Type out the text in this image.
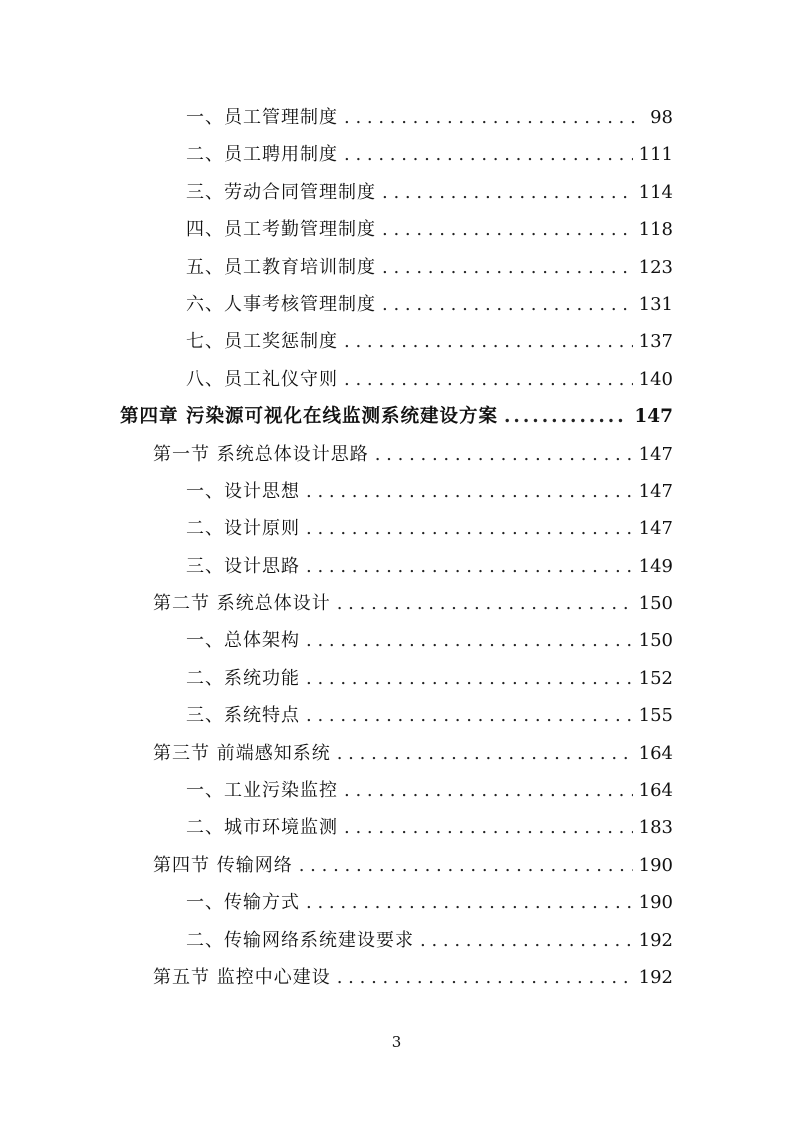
一、员工管理制度 . . .	98
二、员工聘用制度 . . .	111
三、劳动合同管理制度 . . .	114
四、员工考勤管理制度 . . .	118
五、员工教育培训制度 . . .	123
六、人事考核管理制度 . . .	131
七、员工奖惩制度 . . .	137
八、员工礼仪守则 . . .	140
第四章 污染源可视化在线监测系统建设方案 .....	147
第一节 系统总体设计思路 . . .	147
一、设计思想 . . .	147
二、设计原则 . . .	147
三、设计思路 . . .	149
第二节 系统总体设计 . . .	150
一、总体架构 . . .	150
二、系统功能 . . .	152
三、系统特点 . . .	155
第三节 前端感知系统 . . .	164
一、工业污染监控 . . .	164
二、城市环境监测 . . .	183
第四节 传输网络 . . .	190
一、传输方式 . . .	190
二、传输网络系统建设要求 . . .	192
第五节 监控中心建设 . . .	192
3
